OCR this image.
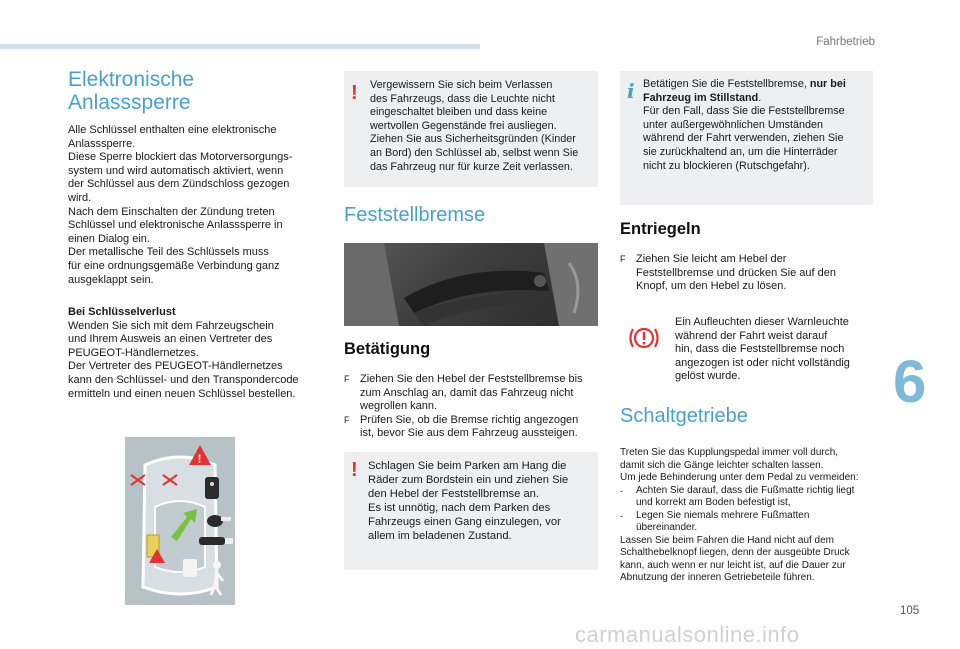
Fahrbetrieb
6
105
carmanualsonline.info
Elektronische
Anlasssperre

Alle Schlüssel enthalten eine elektronische

Anlasssperre.

Diese Sperre blockiert das Motorversorgungs-

system und wird automatisch aktiviert, wenn

der Schlüssel aus dem Zündschloss gezogen

wird.

Nach dem Einschalten der Zündung treten

Schlüssel und elektronische Anlasssperre in

einen Dialog ein.

Der metallische Teil des Schlüssels muss

für eine ordnungsgemäße Verbindung ganz

ausgeklappt sein.

Bei Schlüsselverlust

Wenden Sie sich mit dem Fahrzeugschein

und Ihrem Ausweis an einen Vertreter des

PEUGEOT-Händlernetzes.

Der Vertreter des PEUGEOT-Händlernetzes

kann den Schlüssel- und den Transpondercode

ermitteln und einen neuen Schlüssel bestellen.

!
!	Vergewissern Sie sich beim Verlassen

des Fahrzeugs, dass die Leuchte nicht

eingeschaltet bleiben und dass keine

wertvollen Gegenstände frei ausliegen.

Ziehen Sie aus Sicherheitsgründen (Kinder

an Bord) den Schlüssel ab, selbst wenn Sie

das Fahrzeug nur für kurze Zeit verlassen.

Feststellbremse
Betätigung
F Ziehen Sie den Hebel der Feststellbremse bis

zum Anschlag an, damit das Fahrzeug nicht

wegrollen kann.

F Prüfen Sie, ob die Bremse richtig angezogen

ist, bevor Sie aus dem Fahrzeug aussteigen.

! Schlagen Sie beim Parken am Hang die

Räder zum Bordstein ein und ziehen Sie

den Hebel der Feststellbremse an.

Es ist unnötig, nach dem Parken des

Fahrzeugs einen Gang einzulegen, vor

allem im beladenen Zustand.

i Betätigen Sie die Feststellbremse, nur bei

Fahrzeug im Stillstand.

Für den Fall, dass Sie die Feststellbremse

unter außergewöhnlichen Umständen

während der Fahrt verwenden, ziehen Sie

sie zurückhaltend an, um die Hinterräder

nicht zu blockieren (Rutschgefahr).

Entriegeln
F Ziehen Sie leicht am Hebel der

Feststellbremse und drücken Sie auf den

Knopf, um den Hebel zu lösen.

Ein Aufleuchten dieser Warnleuchte

während der Fahrt weist darauf

hin, dass die Feststellbremse noch

angezogen ist oder nicht vollständig

gelöst wurde.

Schaltgetriebe

Treten Sie das Kupplungspedal immer voll durch,

damit sich die Gänge leichter schalten lassen.

Um jede Behinderung unter dem Pedal zu vermeiden:

- Achten Sie darauf, dass die Fußmatte richtig liegt

und korrekt am Boden befestigt ist,

- Legen Sie niemals mehrere Fußmatten

übereinander.

Lassen Sie beim Fahren die Hand nicht auf dem

Schalthebelknopf liegen, denn der ausgeübte Druck

kann, auch wenn er nur leicht ist, auf die Dauer zur

Abnutzung der inneren Getriebeteile führen.
